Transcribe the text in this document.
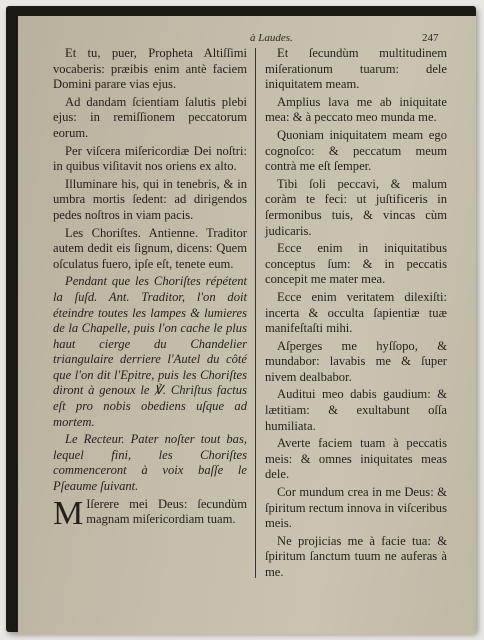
à Laudes.	247

Et tu, puer, Propheta Altiſſimi vocaberis: præibis enim antè faciem Domini parare vias ejus.

Ad dandam ſcientiam ſalutis plebi ejus: in remiſſionem peccatorum eorum.

Per viſcera miſericordiæ Dei noſtri: in quibus viſitavit nos oriens ex alto.

Illuminare his, qui in tenebris, & in umbra mortis ſedent: ad dirigendos pedes noſtros in viam pacis.

Les Choriſtes. Antienne. Traditor autem dedit eis ſignum, dicens: Quem oſculatus fuero, ipſe eſt, tenete eum.

Pendant que les Choriſtes répétent la ſuſd. Ant. Traditor, l'on doit éteindre toutes les lampes & lumieres de la Chapelle, puis l'on cache le plus haut cierge du Chandelier triangulaire derriere l'Autel du côté que l'on dit l'Epitre, puis les Choriſtes diront à genoux le ℣. Chriſtus factus eſt pro nobis obediens uſque ad mortem.

Le Recteur. Pater noſter tout bas, lequel fini, les Choriſtes commenceront à voix baſſe le Pſeaume ſuivant.

M Iſerere mei Deus: ſecundùm magnam miſericordiam tuam.

Et ſecundùm multitudinem miſerationum tuarum: dele iniquitatem meam.

Amplius lava me ab iniquitate mea: & à peccato meo munda me.

Quoniam iniquitatem meam ego cognoſco: & peccatum meum contrà me eſt ſemper.

Tibi ſoli peccavi, & malum coràm te feci: ut juſtificeris in ſermonibus tuis, & vincas cùm judicaris.

Ecce enim in iniquitatibus conceptus ſum: & in peccatis concepit me mater mea.

Ecce enim veritatem dilexiſti: incerta & occulta ſapientiæ tuæ manifeſtaſti mihi.

Aſperges me hyſſopo, & mundabor: lavabis me & ſuper nivem dealbabor.

Auditui meo dabis gaudium: & lætitiam: & exultabunt oſſa humiliata.

Averte faciem tuam à peccatis meis: & omnes iniquitates meas dele.

Cor mundum crea in me Deus: & ſpiritum rectum innova in viſceribus meis.

Ne projicias me à facie tua: & ſpiritum ſanctum tuum ne auferas à me.
